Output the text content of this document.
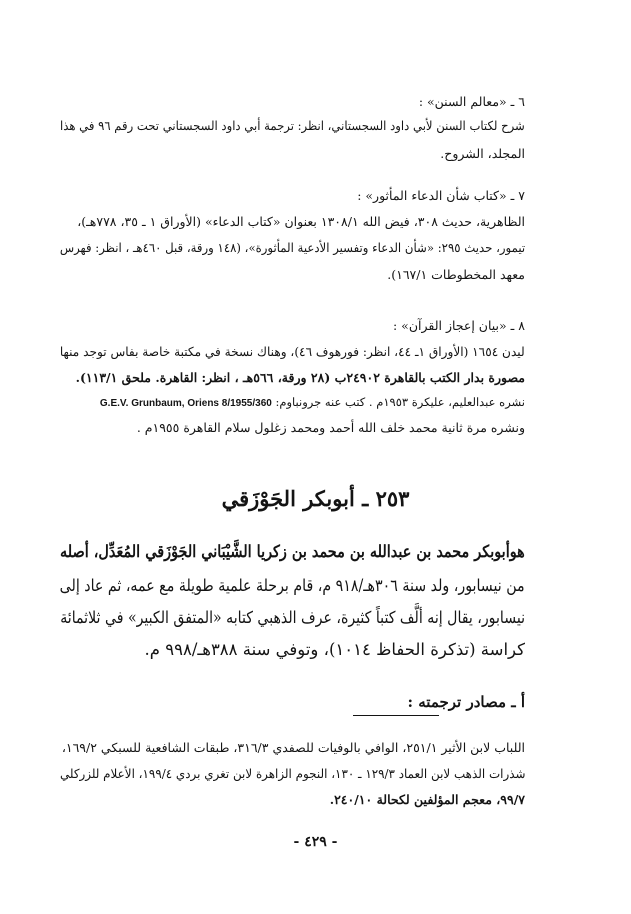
٦ ـ «معالم السنن» :
شرح لكتاب السنن لأبي داود السجستاني، انظر: ترجمة أبي داود السجستاني تحت رقم ٩٦ في هذا
المجلد، الشروح.
٧ ـ «كتاب شأن الدعاء المأثور» :
الظاهرية، حديث ٣٠٨، فيض الله ١٣٠٨/١ بعنوان «كتاب الدعاء» (الأوراق ١ ـ ٣٥، ٧٧٨هـ)،
تيمور، حديث ٢٩٥: «شأن الدعاء وتفسير الأدعية المأثورة»، (١٤٨ ورقة، قبل ٤٦٠هـ ، انظر: فهرس
معهد المخطوطات ١٦٧/١).
٨ ـ «بيان إعجاز القرآن» :
ليدن ١٦٥٤ (الأوراق ١ـ ٤٤، انظر: فورهوف ٤٦)، وهناك نسخة في مكتبة خاصة بفاس توجد منها
مصورة بدار الكتب بالقاهرة ٢٤٩٠٢ب (٢٨ ورقة، ٥٦٦هـ ، انظر: القاهرة. ملحق ١١٣/١).
نشره عبدالعليم، عليكرة ١٩٥٣م . كتب عنه جرونباوم: G.E.V. Grunbaum, Oriens 8/1955/360
ونشره مرة ثانية محمد خلف الله أحمد ومحمد زغلول سلام القاهرة ١٩٥٥م .
٢٥٣ ـ أبوبكر الجَوْزَقي
هوأبوبكر محمد بن عبدالله بن محمد بن زكريا الشَّيْبَاني الجَوْزَقي المُعَدِّل، أصله
من نيسابور، ولد سنة ٣٠٦هـ/٩١٨ م، قام برحلة علمية طويلة مع عمه، ثم عاد إلى
نيسابور، يقال إنه ألَّف كتباً كثيرة، عرف الذهبي كتابه «المتفق الكبير» في ثلاثمائة
كراسة (تذكرة الحفاظ ١٠١٤)، وتوفي سنة ٣٨٨هـ/٩٩٨ م.
أ ـ مصادر ترجمته :
اللباب لابن الأثير ٢٥١/١، الوافي بالوفيات للصفدي ٣١٦/٣، طبقات الشافعية للسبكي ١٦٩/٢،
شذرات الذهب لابن العماد ١٢٩/٣ ـ ١٣٠، النجوم الزاهرة لابن تغري بردي ١٩٩/٤، الأعلام للزركلي
٩٩/٧، معجم المؤلفين لكحالة ٢٤٠/١٠.
- ٤٢٩ -
